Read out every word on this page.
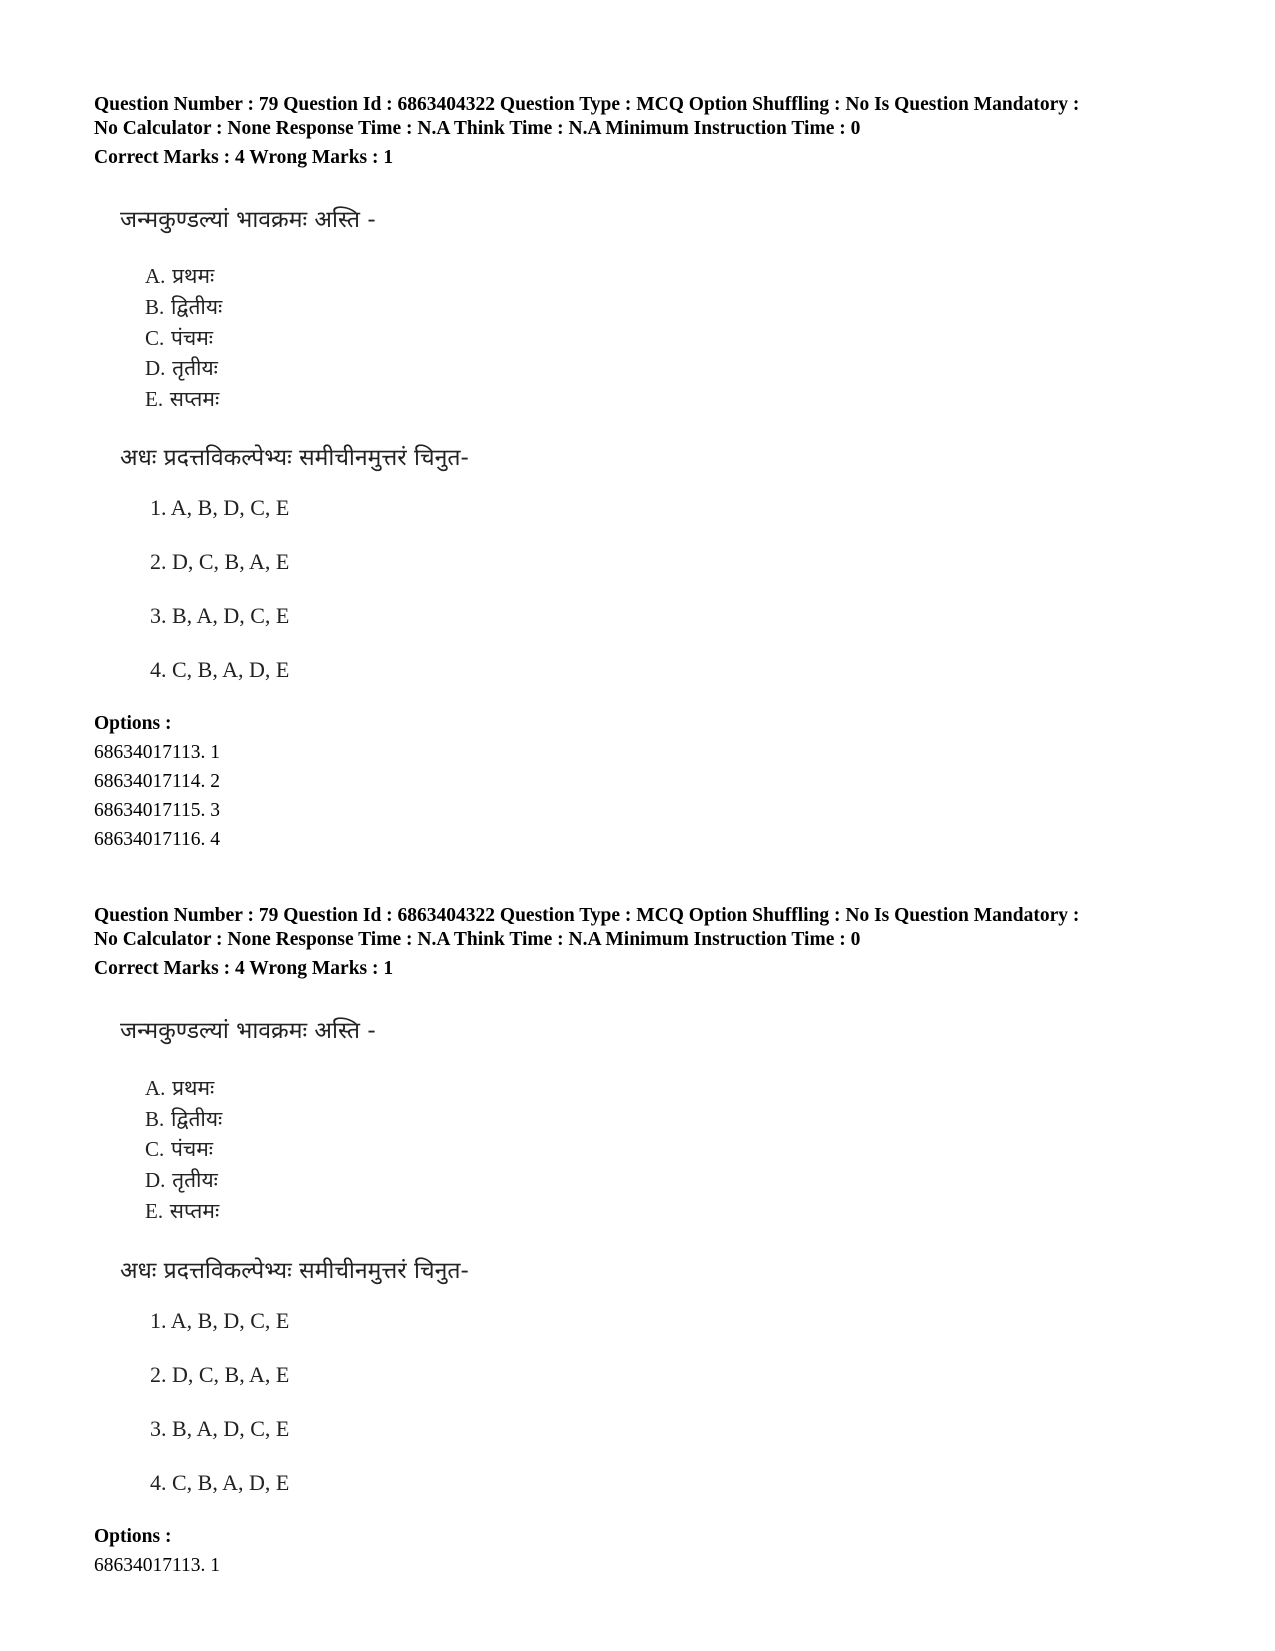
Question Number : 79 Question Id : 6863404322 Question Type : MCQ Option Shuffling : No Is Question Mandatory :
No Calculator : None Response Time : N.A Think Time : N.A Minimum Instruction Time : 0
Correct Marks : 4 Wrong Marks : 1
जन्मकुण्डल्यां भावक्रमः अस्ति -
A. प्रथमः
B. द्वितीयः
C. पंचमः
D. तृतीयः
E. सप्तमः
अधः प्रदत्तविकल्पेभ्यः समीचीनमुत्तरं चिनुत-
1. A, B, D, C, E
2. D, C, B, A, E
3. B, A, D, C, E
4. C, B, A, D, E
Options :
68634017113. 1
68634017114. 2
68634017115. 3
68634017116. 4
Question Number : 79 Question Id : 6863404322 Question Type : MCQ Option Shuffling : No Is Question Mandatory :
No Calculator : None Response Time : N.A Think Time : N.A Minimum Instruction Time : 0
Correct Marks : 4 Wrong Marks : 1
जन्मकुण्डल्यां भावक्रमः अस्ति -
A. प्रथमः
B. द्वितीयः
C. पंचमः
D. तृतीयः
E. सप्तमः
अधः प्रदत्तविकल्पेभ्यः समीचीनमुत्तरं चिनुत-
1. A, B, D, C, E
2. D, C, B, A, E
3. B, A, D, C, E
4. C, B, A, D, E
Options :
68634017113. 1
